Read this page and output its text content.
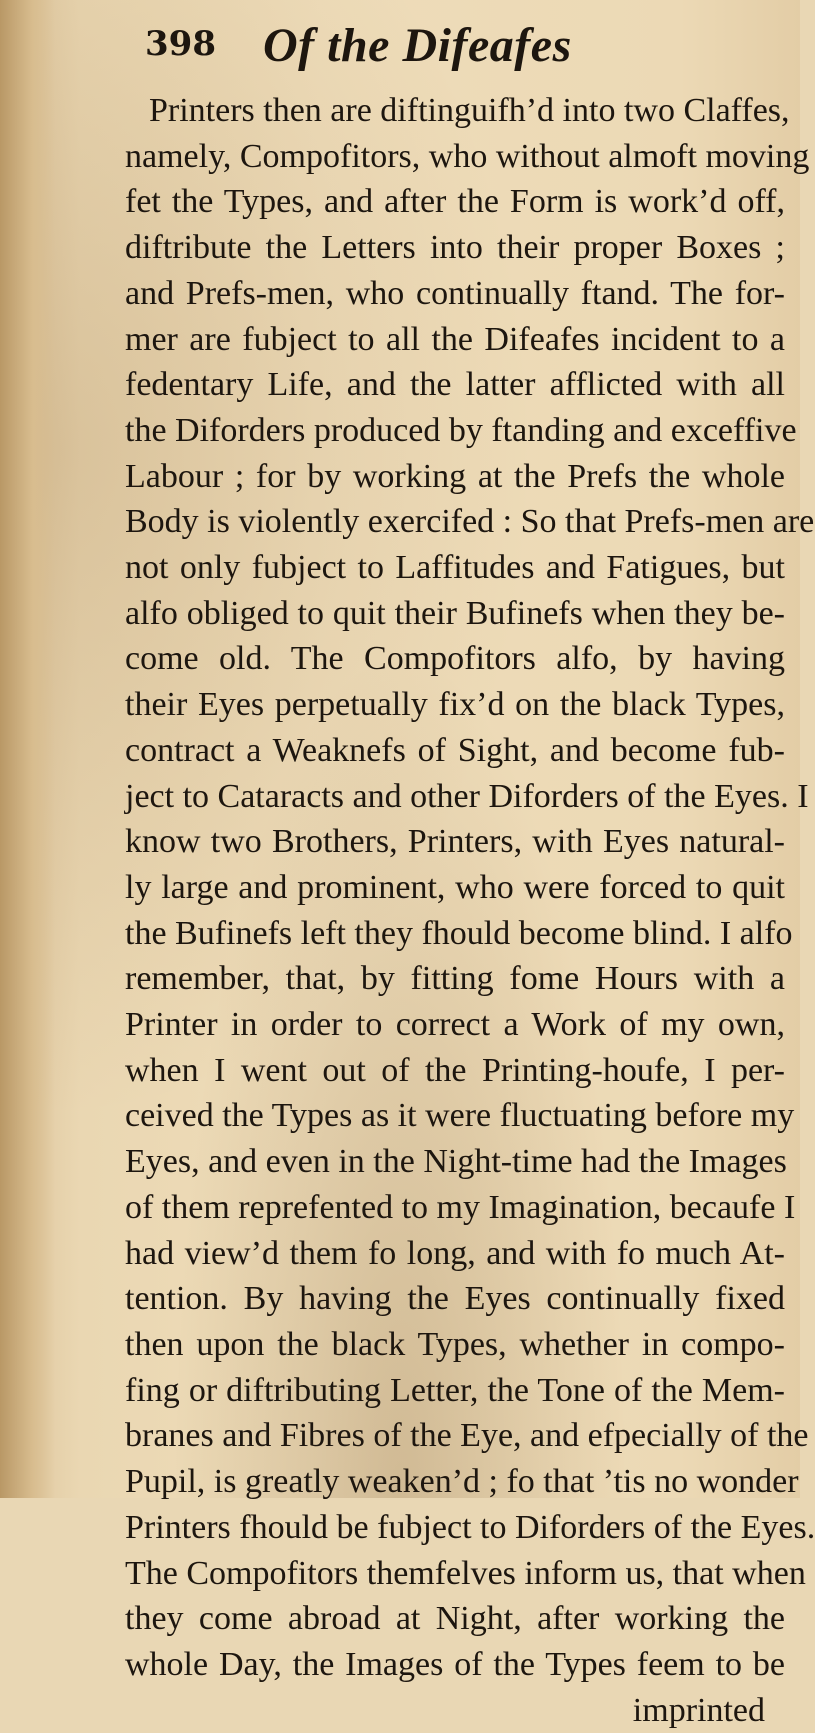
398 Of the Difeafes
Printers then are diftinguifh’d into two Claffes,
namely, Compofitors, who without almoft moving
fet the Types, and after the Form is work’d off,
diftribute the Letters into their proper Boxes ;
and Prefs-men, who continually ftand. The for-
mer are fubject to all the Difeafes incident to a
fedentary Life, and the latter afflicted with all
the Diforders produced by ftanding and exceffive
Labour ; for by working at the Prefs the whole
Body is violently exercifed : So that Prefs-men are
not only fubject to Laffitudes and Fatigues, but
alfo obliged to quit their Bufinefs when they be-
come old. The Compofitors alfo, by having
their Eyes perpetually fix’d on the black Types,
contract a Weaknefs of Sight, and become fub-
ject to Cataracts and other Diforders of the Eyes. I
know two Brothers, Printers, with Eyes natural-
ly large and prominent, who were forced to quit
the Bufinefs left they fhould become blind. I alfo
remember, that, by fitting fome Hours with a
Printer in order to correct a Work of my own,
when I went out of the Printing-houfe, I per-
ceived the Types as it were fluctuating before my
Eyes, and even in the Night-time had the Images
of them reprefented to my Imagination, becaufe I
had view’d them fo long, and with fo much At-
tention. By having the Eyes continually fixed
then upon the black Types, whether in compo-
fing or diftributing Letter, the Tone of the Mem-
branes and Fibres of the Eye, and efpecially of the
Pupil, is greatly weaken’d ; fo that ’tis no wonder
Printers fhould be fubject to Diforders of the Eyes.
The Compofitors themfelves inform us, that when
they come abroad at Night, after working the
whole Day, the Images of the Types feem to be
imprinted
